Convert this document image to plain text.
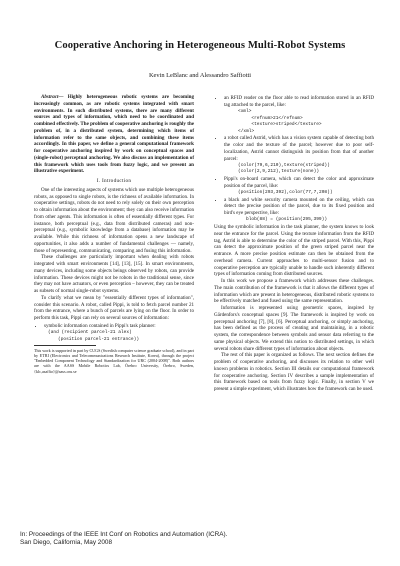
Cooperative Anchoring in Heterogeneous Multi-Robot Systems
Kevin LeBlanc and Alessandro Saffiotti

Abstract— Highly heterogeneous robotic systems are becoming increasingly common, as are robotic systems integrated with smart environments. In such distributed systems, there are many different sources and types of information, which need to be coordinated and combined effectively. The problem of cooperative anchoring is roughly the problem of, in a distributed system, determining which items of information refer to the same objects, and combining these items accordingly. In this paper, we define a general computational framework for cooperative anchoring inspired by work on conceptual spaces and (single-robot) perceptual anchoring. We also discuss an implementation of this framework which uses tools from fuzzy logic, and we present an illustrative experiment.

I. Introduction

One of the interesting aspects of systems which use multiple heterogeneous robots, as opposed to single robots, is the richness of available information. In cooperative settings, robots do not need to rely solely on their own perception to obtain information about the environment; they can also receive information from other agents. This information is often of essentially different types. For instance, both perceptual (e.g., data from distributed cameras) and non-perceptual (e.g., symbolic knowledge from a database) information may be available. While this richness of information opens a new landscape of opportunities, it also adds a number of fundamental challenges — namely, those of representing, communicating, comparing and fusing this information.

These challenges are particularly important when dealing with robots integrated with smart environments [14], [13], [15]. In smart environments, many devices, including some objects beings observed by robots, can provide information. These devices might not be robots in the traditional sense, since they may not have actuators, or even perception – however, they can be treated as subsets of normal single-robot systems.

To clarify what we mean by "essentially different types of information", consider this scenario. A robot, called Pippi, is told to fetch parcel number 21 from the entrance, where a bunch of parcels are lying on the floor. In order to perform this task, Pippi can rely on several sources of information:

• symbolic information contained in Pippi's task planner:
(and (recipient parcel-21 alex)
(position parcel-21 entrance))
This work is supported in part by CUGS (Swedish computer science graduate school), and in part by ETRI (Electronics and Telecommunications Research Institute, Korea), through the project "Embedded Component Technology and Standardization for URC (2004-2008)". Both authors are with the AASS Mobile Robotics Lab, Örebro University, Örebro, Sweden, {klc,asaffio}@aass.oru.se
• an RFID reader on the floor able to read information stored in an RFID tag attached to the parcel, like:
<xml>
<refnum>21</refnum>
<texture>striped</texture>
</xml>
• a robot called Astrid, which has a vision system capable of detecting both the color and the texture of the parcel; however due to poor self-localization, Astrid cannot distinguish its position from that of another parcel:
(color(79,6,210),texture(striped))
(color(2,9,212),texture(none))
• Pippi's on-board camera, which can detect the color and approximate position of the parcel, like:
(position(293,392),color(77,7,208))
• a black and white security camera mounted on the ceiling, which can detect the precise position of the parcel, due to its fixed position and bird's eye perspective, like:
blob(88) = (position(295,399))

Using the symbolic information in the task planner, the system knows to look near the entrance for the parcel. Using the texture information from the RFID tag, Astrid is able to determine the color of the striped parcel. With this, Pippi can detect the approximate position of the green striped parcel near the entrance. A more precise position estimate can then be obtained from the overhead camera. Current approaches to multi-sensor fusion and to cooperative perception are typically unable to handle such inherently different types of information coming from distributed sources.

In this work we propose a framework which addresses these challenges. The main contribution of the framework is that it allows the different types of information which are present in heterogeneous, distributed robotic systems to be effectively matched and fused using the same representation.

Information is represented using geometric spaces, inspired by Gärdenfors's conceptual spaces [9]. The framework is inspired by work on perceptual anchoring [7], [8], [6]. Perceptual anchoring, or simply anchoring, has been defined as the process of creating and maintaining, in a robotic system, the correspondence between symbols and sensor data referring to the same physical objects. We extend this notion to distributed settings, in which several robots share different types of information about objects.

The rest of this paper is organized as follows. The next section defines the problem of cooperative anchoring, and discusses its relation to other well known problems in robotics. Section III details our computational framework for cooperative anchoring. Section IV describes a sample implementation of this framework based on tools from fuzzy logic. Finally, in section V we present a simple experiment, which illustrates how the framework can be used.

In: Proceedings of the IEEE Int Conf on Robotics and Automation (ICRA).
San Diego, California, May 2008
